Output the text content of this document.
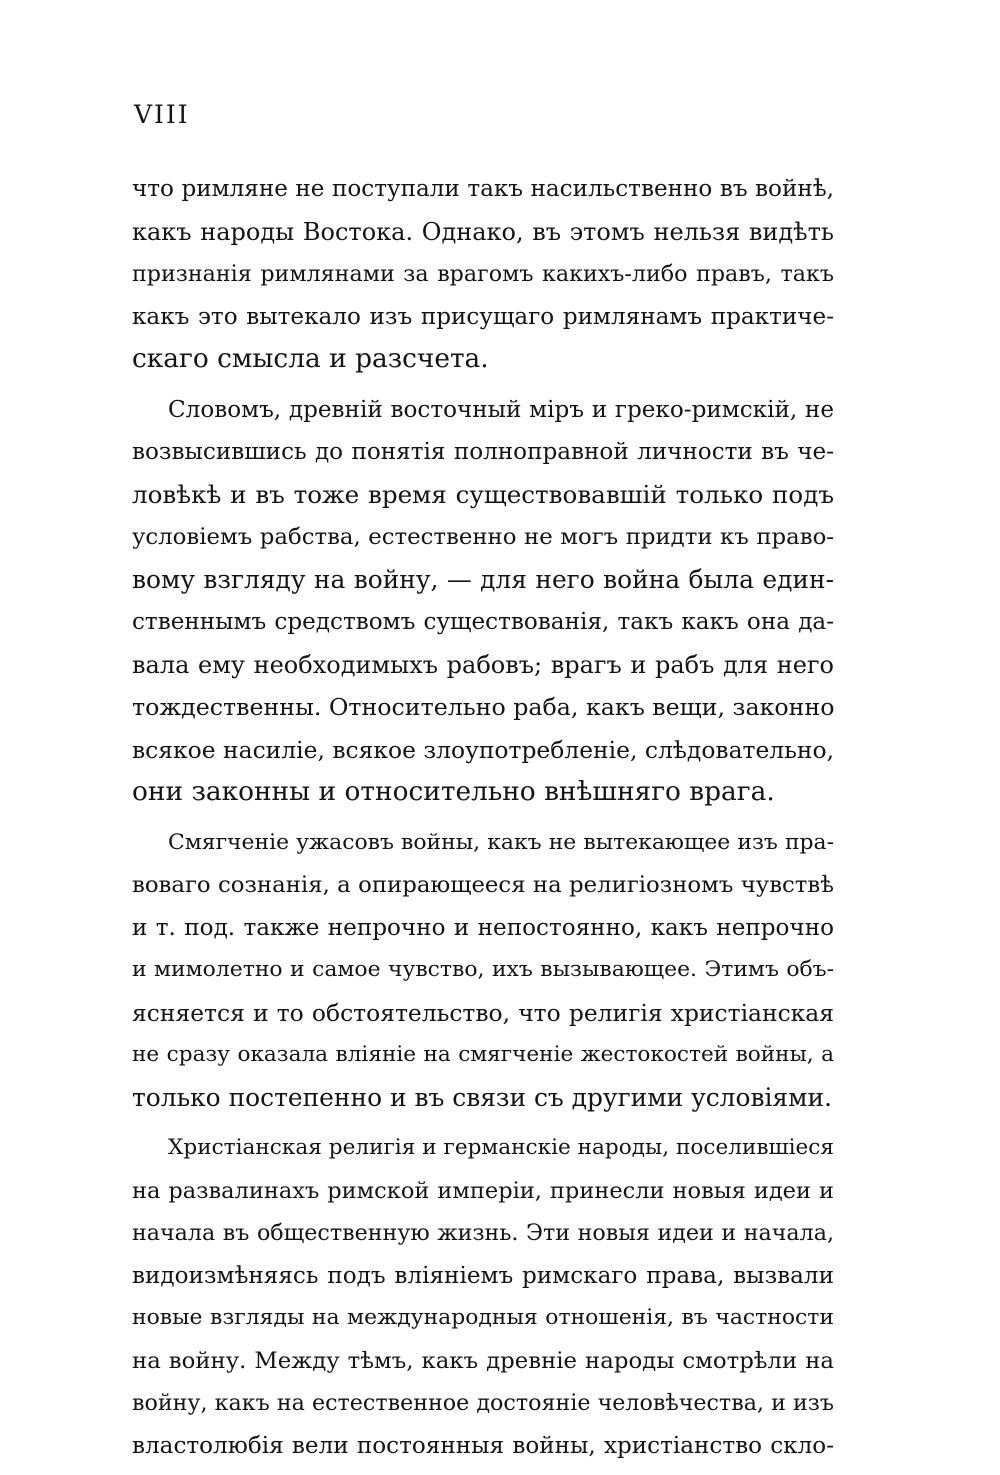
VIII
что римляне не поступали такъ насильственно въ войнѣ,
какъ народы Востока. Однако, въ этомъ нельзя видѣть
признанія римлянами за врагомъ какихъ-либо правъ, такъ
какъ это вытекало изъ присущаго римлянамъ практиче-
скаго смысла и разсчета.
Словомъ, древній восточный міръ и греко-римскій, не
возвысившись до понятія полноправной личности въ че-
ловѣкѣ и въ тоже время существовавшій только подъ
условіемъ рабства, естественно не могъ придти къ право-
вому взгляду на войну, — для него война была един-
ственнымъ средствомъ существованія, такъ какъ она да-
вала ему необходимыхъ рабовъ; врагъ и рабъ для него
тождественны. Относительно раба, какъ вещи, законно
всякое насиліе, всякое злоупотребленіе, слѣдовательно,
они законны и относительно внѣшняго врага.
Смягченіе ужасовъ войны, какъ не вытекающее изъ пра-
воваго сознанія, а опирающееся на религіозномъ чувствѣ
и т. под. также непрочно и непостоянно, какъ непрочно
и мимолетно и самое чувство, ихъ вызывающее. Этимъ объ-
ясняется и то обстоятельство, что религія христіанская
не сразу оказала вліяніе на смягченіе жестокостей войны, а
только постепенно и въ связи съ другими условіями.
Христіанская религія и германскіе народы, поселившіеся
на развалинахъ римской имперіи, принесли новыя идеи и
начала въ общественную жизнь. Эти новыя идеи и начала,
видоизмѣняясь подъ вліяніемъ римскаго права, вызвали
новые взгляды на международныя отношенія, въ частности
на войну. Между тѣмъ, какъ древніе народы смотрѣли на
войну, какъ на естественное достояніе человѣчества, и изъ
властолюбія вели постоянныя войны, христіанство скло-
